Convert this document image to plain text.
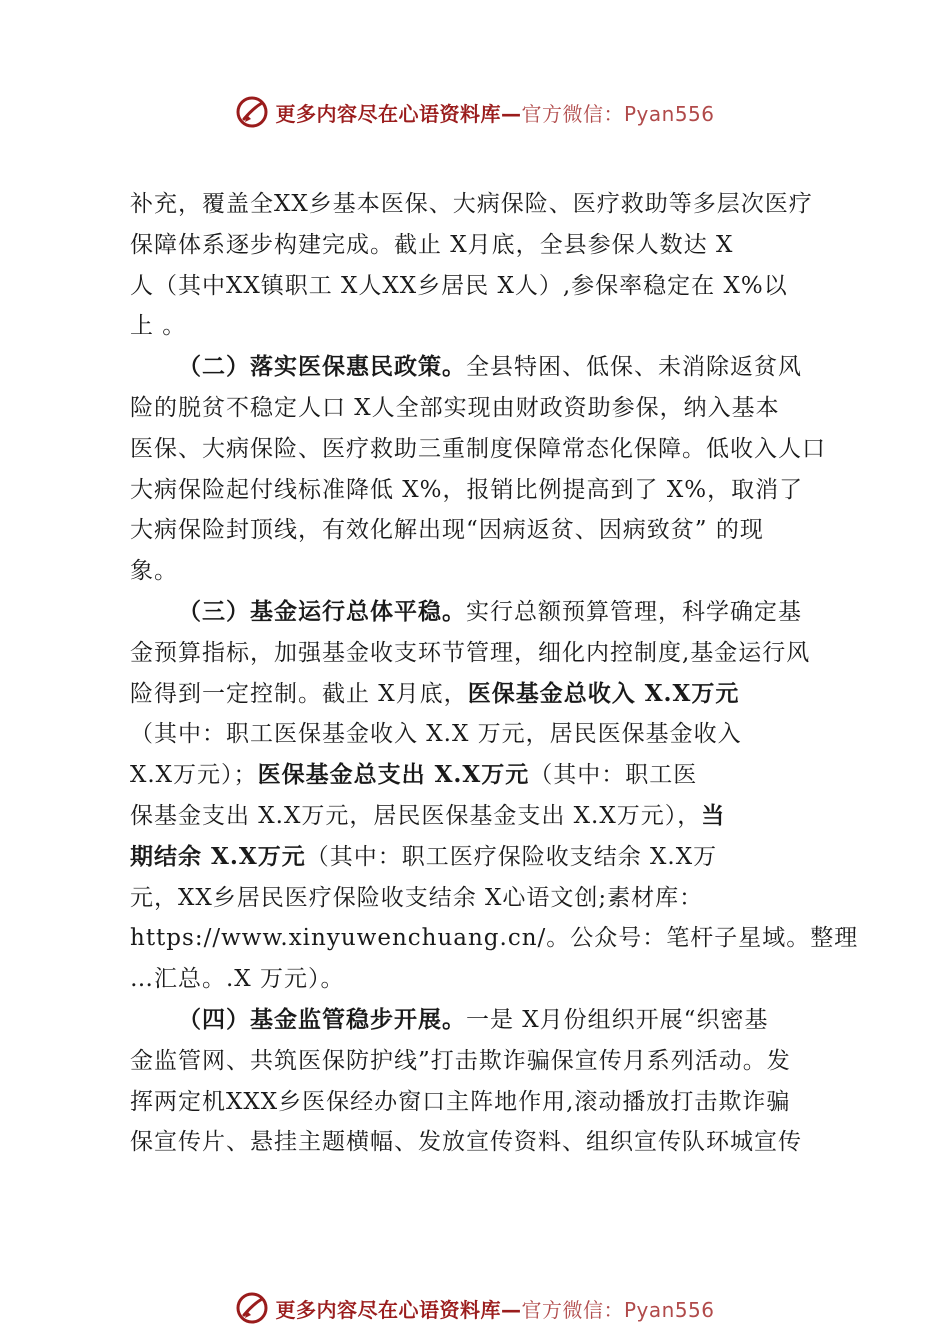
更多内容尽在心语资料库—官方微信：Pyan556
补充，覆盖全XX乡基本医保、大病保险、医疗救助等多层次医疗
保障体系逐步构建完成。截止 X月底，全县参保人数达 X
人（其中XX镇职工 X人XX乡居民 X人）,参保率稳定在 X%以
上 。
（二）落实医保惠民政策。全县特困、低保、未消除返贫风
险的脱贫不稳定人口 X人全部实现由财政资助参保，纳入基本
医保、大病保险、医疗救助三重制度保障常态化保障。低收入人口
大病保险起付线标准降低 X%，报销比例提高到了 X%，取消了
大病保险封顶线，有效化解出现“因病返贫、因病致贫” 的现
象。
（三）基金运行总体平稳。实行总额预算管理，科学确定基
金预算指标，加强基金收支环节管理，细化内控制度,基金运行风
险得到一定控制。截止 X月底，医保基金总收入 X.X万元
（其中：职工医保基金收入 X.X 万元，居民医保基金收入
X.X万元）；医保基金总支出 X.X万元（其中：职工医
保基金支出 X.X万元，居民医保基金支出 X.X万元），当
期结余 X.X万元（其中：职工医疗保险收支结余 X.X万
元，XX乡居民医疗保险收支结余 X心语文创;素材库：
https://www.xinyuwenchuang.cn/。公众号：笔杆子星域。整理
…汇总。.X 万元）。
（四）基金监管稳步开展。一是 X月份组织开展“织密基
金监管网、共筑医保防护线”打击欺诈骗保宣传月系列活动。发
挥两定机XXX乡医保经办窗口主阵地作用,滚动播放打击欺诈骗
保宣传片、悬挂主题横幅、发放宣传资料、组织宣传队环城宣传
更多内容尽在心语资料库—官方微信：Pyan556
